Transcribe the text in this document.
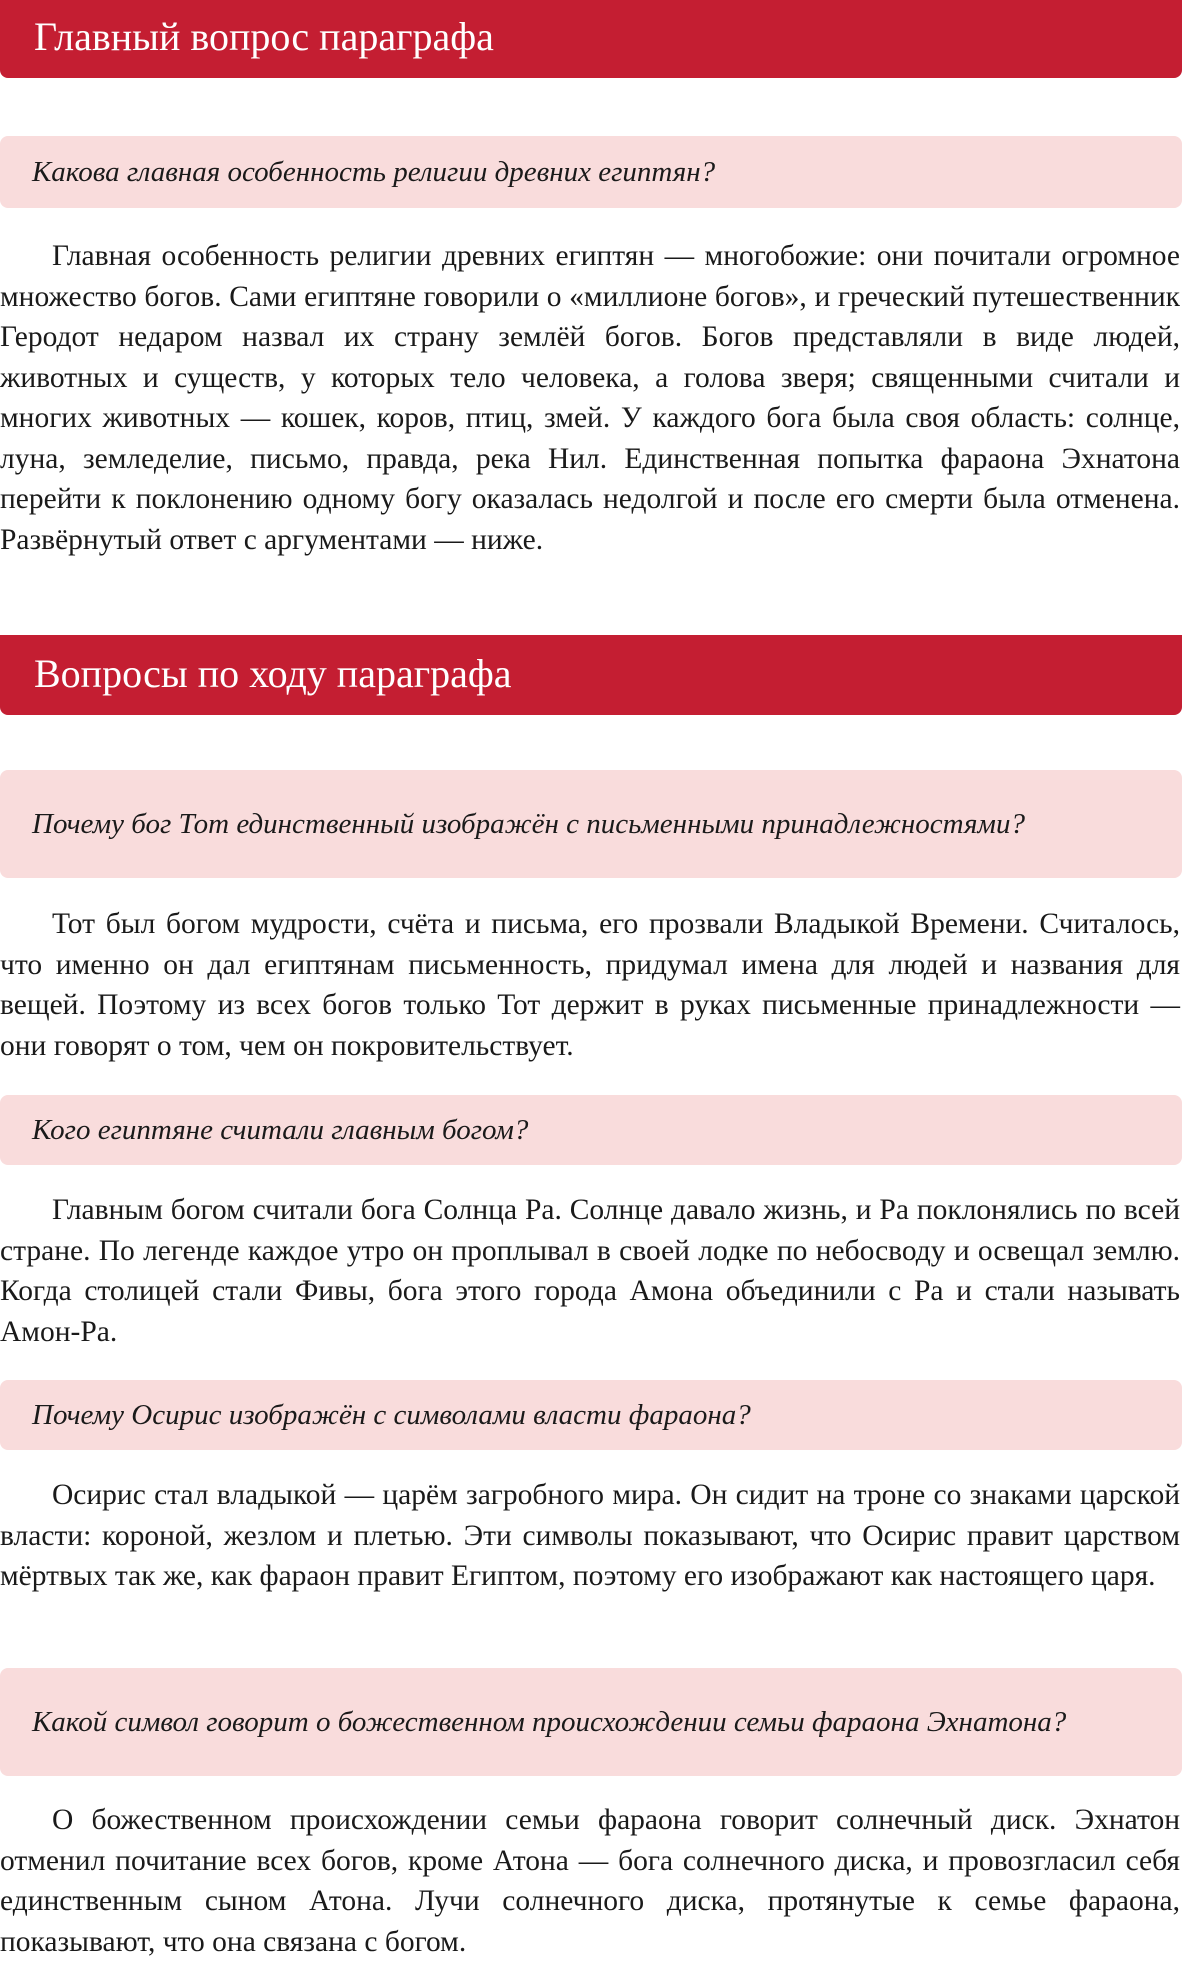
Главный вопрос параграфа
Какова главная особенность религии древних египтян?
Главная особенность религии древних египтян — многобожие: они почитали огромное множество богов. Сами египтяне говорили о «миллионе богов», и греческий путешественник Геродот недаром назвал их страну землёй богов. Богов представляли в виде людей, животных и существ, у которых тело человека, а голова зверя; священными считали и многих животных — кошек, коров, птиц, змей. У каждого бога была своя область: солнце, луна, земледелие, письмо, правда, река Нил. Единственная попытка фараона Эхнатона перейти к поклонению одному богу оказалась недолгой и после его смерти была отменена. Развёрнутый ответ с аргументами — ниже.
Вопросы по ходу параграфа
Почему бог Тот единственный изображён с письменными принадлежностями?
Тот был богом мудрости, счёта и письма, его прозвали Владыкой Времени. Считалось, что именно он дал египтянам письменность, придумал имена для людей и названия для вещей. Поэтому из всех богов только Тот держит в руках письменные принадлежности — они говорят о том, чем он покровительствует.
Кого египтяне считали главным богом?
Главным богом считали бога Солнца Ра. Солнце давало жизнь, и Ра поклонялись по всей стране. По легенде каждое утро он проплывал в своей лодке по небосводу и освещал землю. Когда столицей стали Фивы, бога этого города Амона объединили с Ра и стали называть Амон-Ра.
Почему Осирис изображён с символами власти фараона?
Осирис стал владыкой — царём загробного мира. Он сидит на троне со знаками царской власти: короной, жезлом и плетью. Эти символы показывают, что Осирис правит царством мёртвых так же, как фараон правит Египтом, поэтому его изображают как настоящего царя.
Какой символ говорит о божественном происхождении семьи фараона Эхнатона?
О божественном происхождении семьи фараона говорит солнечный диск. Эхнатон отменил почитание всех богов, кроме Атона — бога солнечного диска, и провозгласил себя единственным сыном Атона. Лучи солнечного диска, протянутые к семье фараона, показывают, что она связана с богом.
